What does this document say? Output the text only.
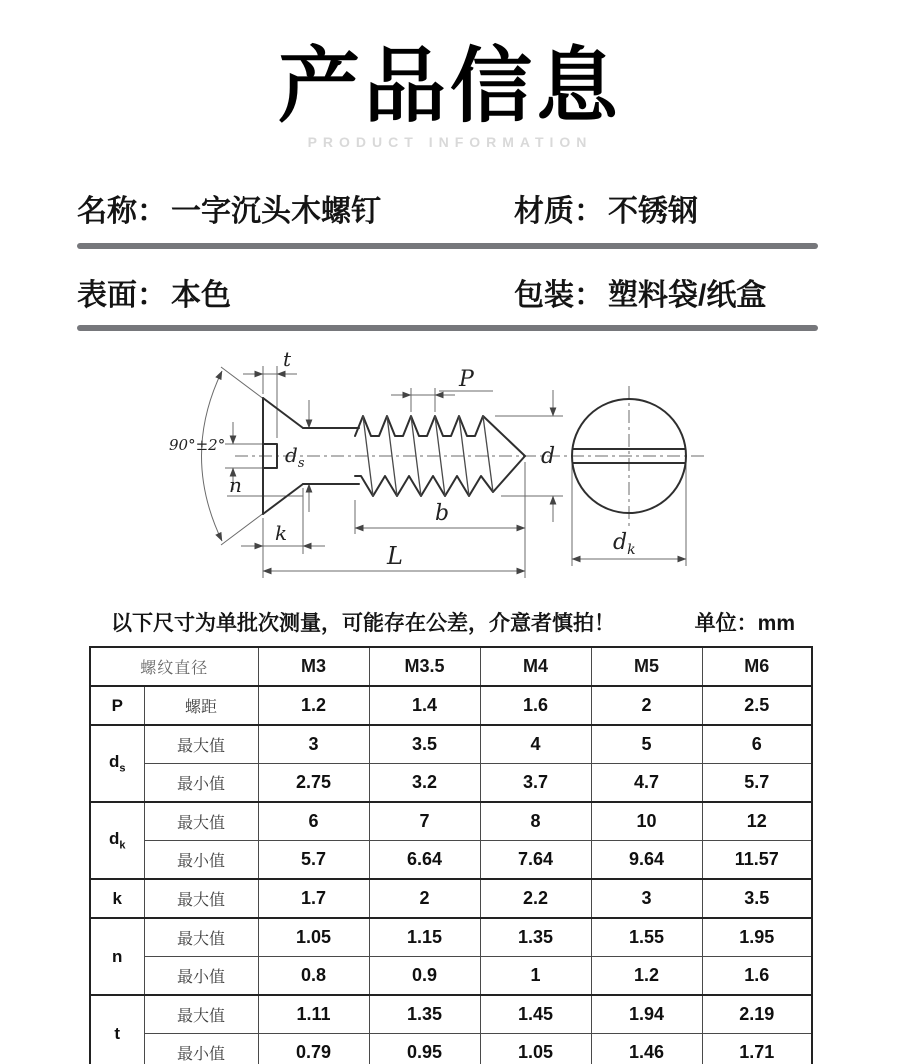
产品信息
PRODUCT INFORMATION
名称： 一字沉头木螺钉	材质： 不锈钢
表面： 本色	包装： 塑料袋/纸盒
t
P
90°±2°	$d_s$	d
n
k
b
L	$d_k$
以下尺寸为单批次测量，可能存在公差，介意者慎拍！	单位：mm
螺纹直径		M3	M3.5	M4	M5	M6
P	螺距	1.2	1.4	1.6	2	2.5
$d_s$	最大值	3	3.5	4	5	6
	最小值	2.75	3.2	3.7	4.7	5.7
$d_k$	最大值	6	7	8	10	12
	最小值	5.7	6.64	7.64	9.64	11.57
k	最大值	1.7	2	2.2	3	3.5
n	最大值	1.05	1.15	1.35	1.55	1.95
	最小值	0.8	0.9	1	1.2	1.6
t	最大值	1.11	1.35	1.45	1.94	2.19
	最小值	0.79	0.95	1.05	1.46	1.71
